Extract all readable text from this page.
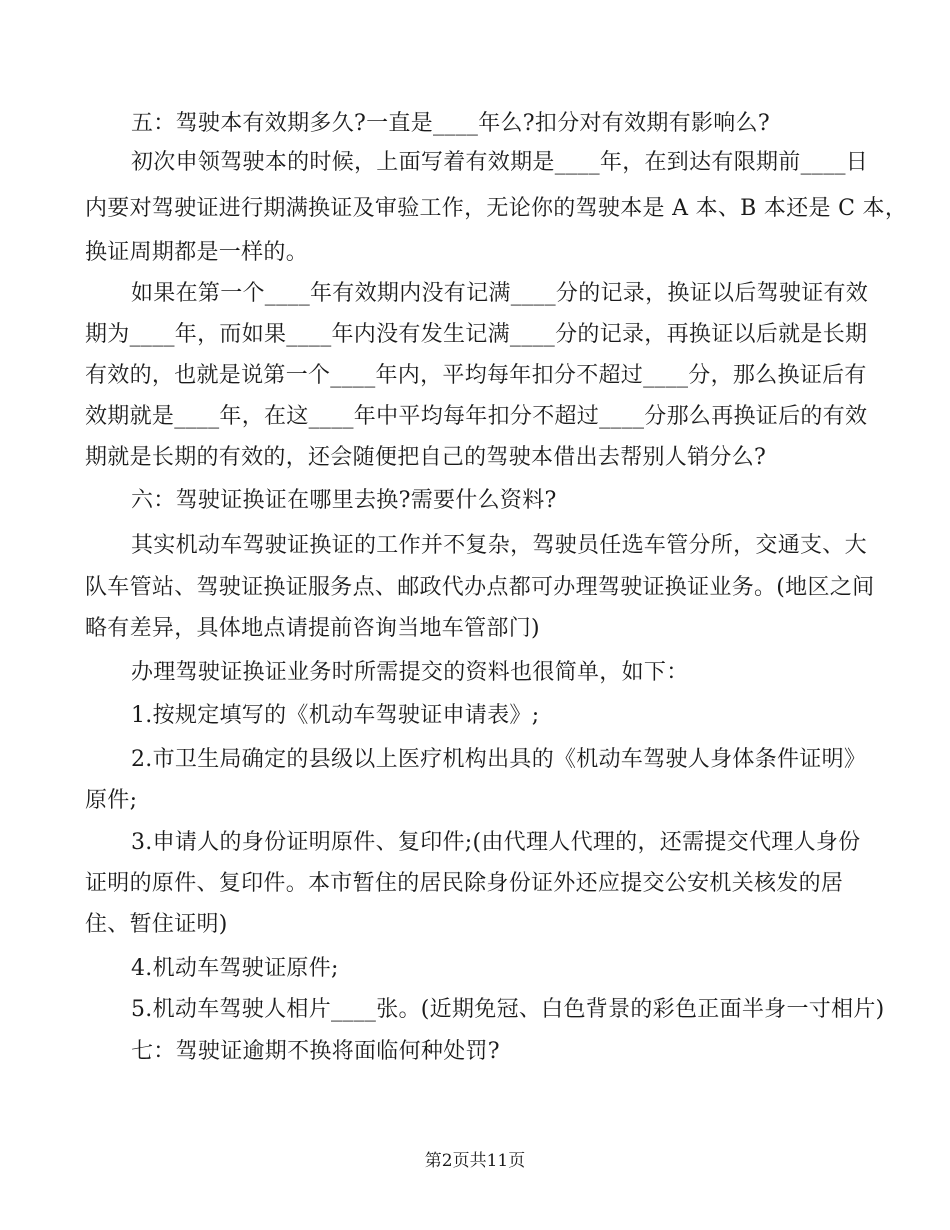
五：驾驶本有效期多久?一直是____年么?扣分对有效期有影响么?
初次申领驾驶本的时候，上面写着有效期是____年，在到达有限期前____日
内要对驾驶证进行期满换证及审验工作，无论你的驾驶本是 A 本、B 本还是 C 本，
换证周期都是一样的。
如果在第一个____年有效期内没有记满____分的记录，换证以后驾驶证有效
期为____年，而如果____年内没有发生记满____分的记录，再换证以后就是长期
有效的，也就是说第一个____年内，平均每年扣分不超过____分，那么换证后有
效期就是____年，在这____年中平均每年扣分不超过____分那么再换证后的有效
期就是长期的有效的，还会随便把自己的驾驶本借出去帮别人销分么?
六：驾驶证换证在哪里去换?需要什么资料?
其实机动车驾驶证换证的工作并不复杂，驾驶员任选车管分所，交通支、大
队车管站、驾驶证换证服务点、邮政代办点都可办理驾驶证换证业务。(地区之间
略有差异，具体地点请提前咨询当地车管部门)
办理驾驶证换证业务时所需提交的资料也很简单，如下：
1.按规定填写的《机动车驾驶证申请表》;
2.市卫生局确定的县级以上医疗机构出具的《机动车驾驶人身体条件证明》
原件;
3.申请人的身份证明原件、复印件;(由代理人代理的，还需提交代理人身份
证明的原件、复印件。本市暂住的居民除身份证外还应提交公安机关核发的居
住、暂住证明)
4.机动车驾驶证原件;
5.机动车驾驶人相片____张。(近期免冠、白色背景的彩色正面半身一寸相片)
七：驾驶证逾期不换将面临何种处罚?
第2页共11页
